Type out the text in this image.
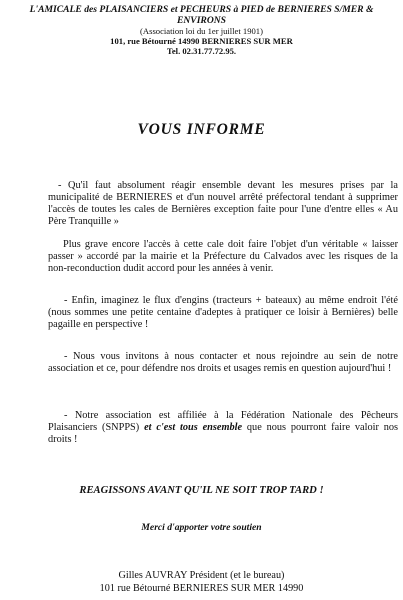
L'AMICALE des PLAISANCIERS et PECHEURS à PIED de BERNIERES S/MER &
ENVIRONS
(Association loi du 1er juillet 1901)
101, rue Bétourné 14990 BERNIERES SUR MER
Tel. 02.31.77.72.95.
VOUS INFORME

- Qu'il faut absolument réagir ensemble devant les mesures prises par la municipalité de BERNIERES et d'un nouvel arrêté préfectoral tendant à supprimer l'accès de toutes les cales de Bernières exception faite pour l'une d'entre elles « Au Père Tranquille »

Plus grave encore l'accès à cette cale doit faire l'objet d'un véritable « laisser passer » accordé par la mairie et la Préfecture du Calvados avec les risques de la non-reconduction dudit accord pour les années à venir.

- Enfin, imaginez le flux d'engins (tracteurs + bateaux) au même endroit l'été (nous sommes une petite centaine d'adeptes à pratiquer ce loisir à Bernières) belle pagaille en perspective !

- Nous vous invitons à nous contacter et nous rejoindre au sein de notre association et ce, pour défendre nos droits et usages remis en question aujourd'hui !

- Notre association est affiliée à la Fédération Nationale des Pêcheurs Plaisanciers (SNPPS) et c'est tous ensemble que nous pourront faire valoir nos droits !

REAGISSONS AVANT QU'IL NE SOIT TROP TARD !
Merci d'apporter votre soutien
Gilles AUVRAY Président (et le bureau)
101 rue Bétourné BERNIERES SUR MER 14990
